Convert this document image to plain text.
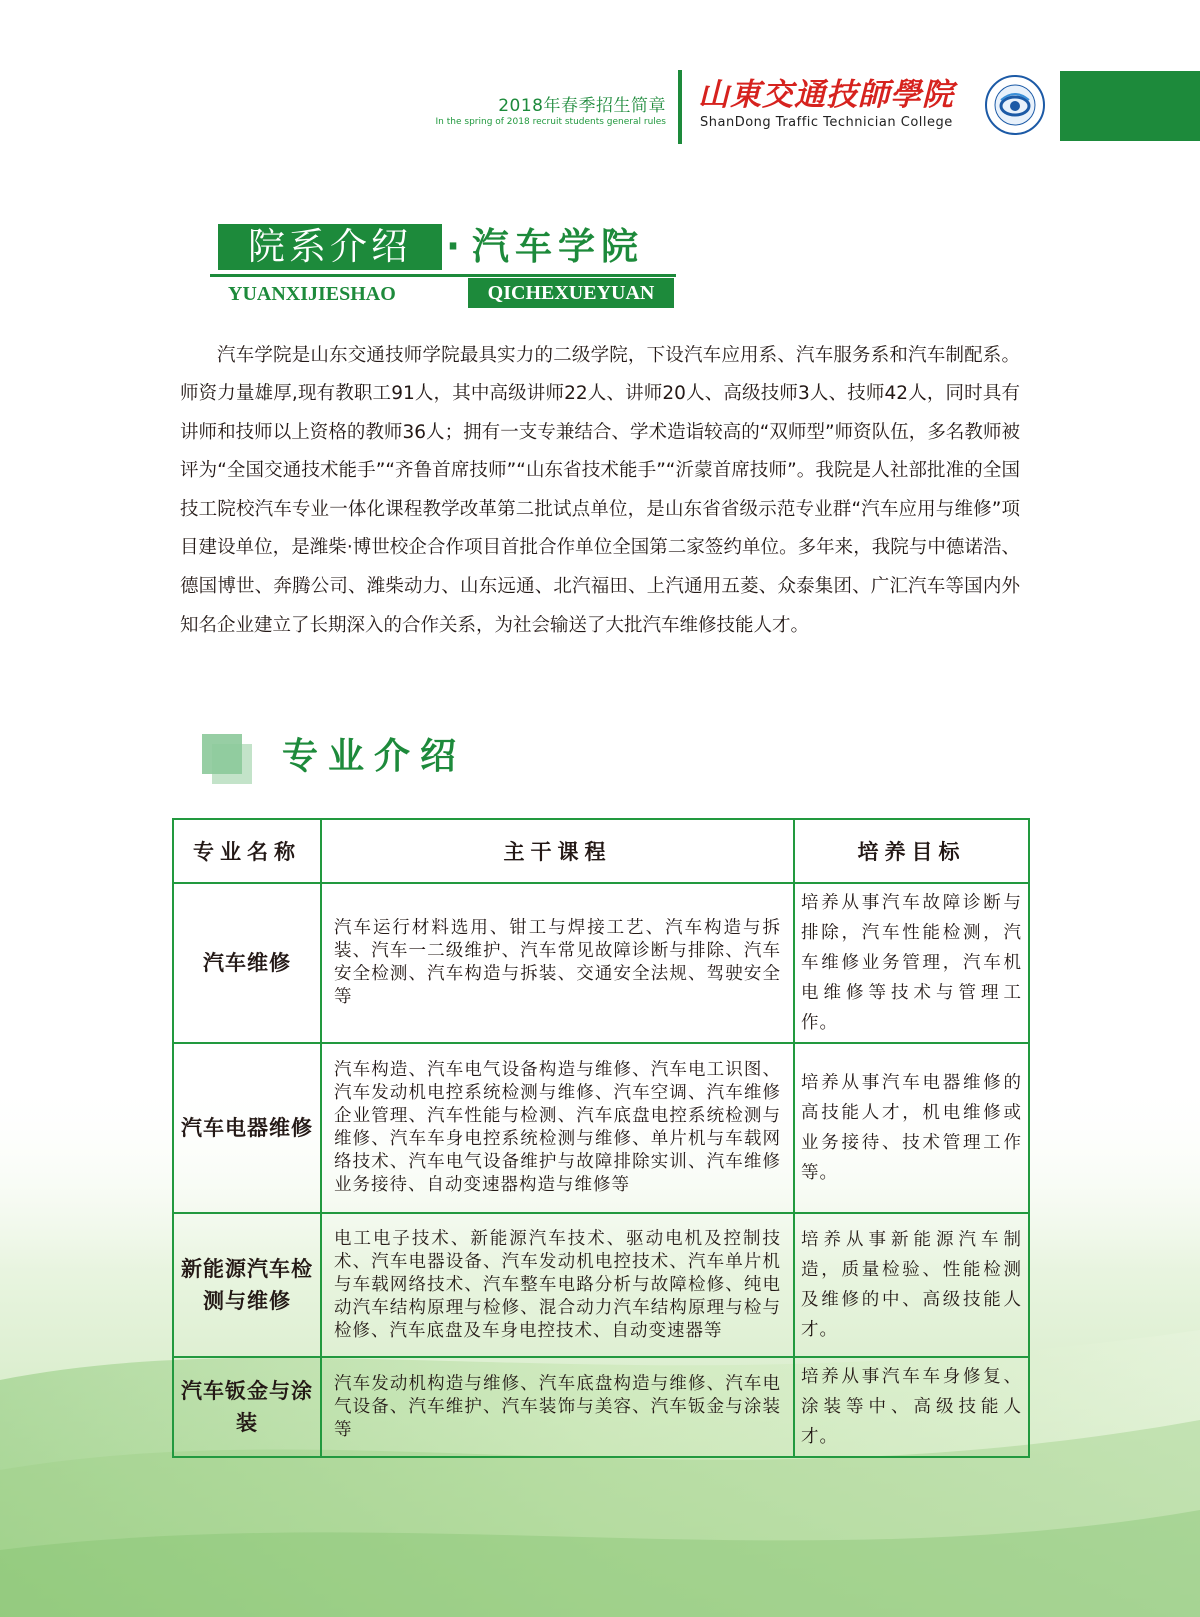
2018年春季招生简章
In the spring of 2018 recruit students general rules
山東交通技師學院
ShanDong Traffic Technician College
院系介绍 · 汽车学院
YUANXIJIESHAO	QICHEXUEYUAN

汽车学院是山东交通技师学院最具实力的二级学院，下设汽车应用系、汽车服务系和汽车制配系。师资力量雄厚,现有教职工91人，其中高级讲师22人、讲师20人、高级技师3人、技师42人，同时具有讲师和技师以上资格的教师36人；拥有一支专兼结合、学术造诣较高的“双师型”师资队伍，多名教师被评为“全国交通技术能手”“齐鲁首席技师”“山东省技术能手”“沂蒙首席技师”。我院是人社部批准的全国技工院校汽车专业一体化课程教学改革第二批试点单位，是山东省省级示范专业群“汽车应用与维修”项目建设单位，是潍柴·博世校企合作项目首批合作单位全国第二家签约单位。多年来，我院与中德诺浩、德国博世、奔腾公司、潍柴动力、山东远通、北汽福田、上汽通用五菱、众泰集团、广汇汽车等国内外知名企业建立了长期深入的合作关系，为社会输送了大批汽车维修技能人才。

专业介绍
专业名称	主干课程	培养目标
汽车维修	汽车运行材料选用、钳工与焊接工艺、汽车构造与拆装、汽车一二级维护、汽车常见故障诊断与排除、汽车安全检测、汽车构造与拆装、交通安全法规、驾驶安全等	培养从事汽车故障诊断与排除，汽车性能检测，汽车维修业务管理，汽车机电维修等技术与管理工作。

汽车电器维修	汽车构造、汽车电气设备构造与维修、汽车电工识图、汽车发动机电控系统检测与维修、汽车空调、汽车维修企业管理、汽车性能与检测、汽车底盘电控系统检测与维修、汽车车身电控系统检测与维修、单片机与车载网络技术、汽车电气设备维护与故障排除实训、汽车维修业务接待、自动变速器构造与维修等	培养从事汽车电器维修的高技能人才，机电维修或业务接待、技术管理工作等。

新能源汽车检测与维修	电工电子技术、新能源汽车技术、驱动电机及控制技术、汽车电器设备、汽车发动机电控技术、汽车单片机与车载网络技术、汽车整车电路分析与故障检修、纯电动汽车结构原理与检修、混合动力汽车结构原理与检与检修、汽车底盘及车身电控技术、自动变速器等	培养从事新能源汽车制造，质量检验、性能检测及维修的中、高级技能人才。

汽车钣金与涂装	汽车发动机构造与维修、汽车底盘构造与维修、汽车电气设备、汽车维护、汽车装饰与美容、汽车钣金与涂装等	培养从事汽车车身修复、涂装等中、高级技能人才。
